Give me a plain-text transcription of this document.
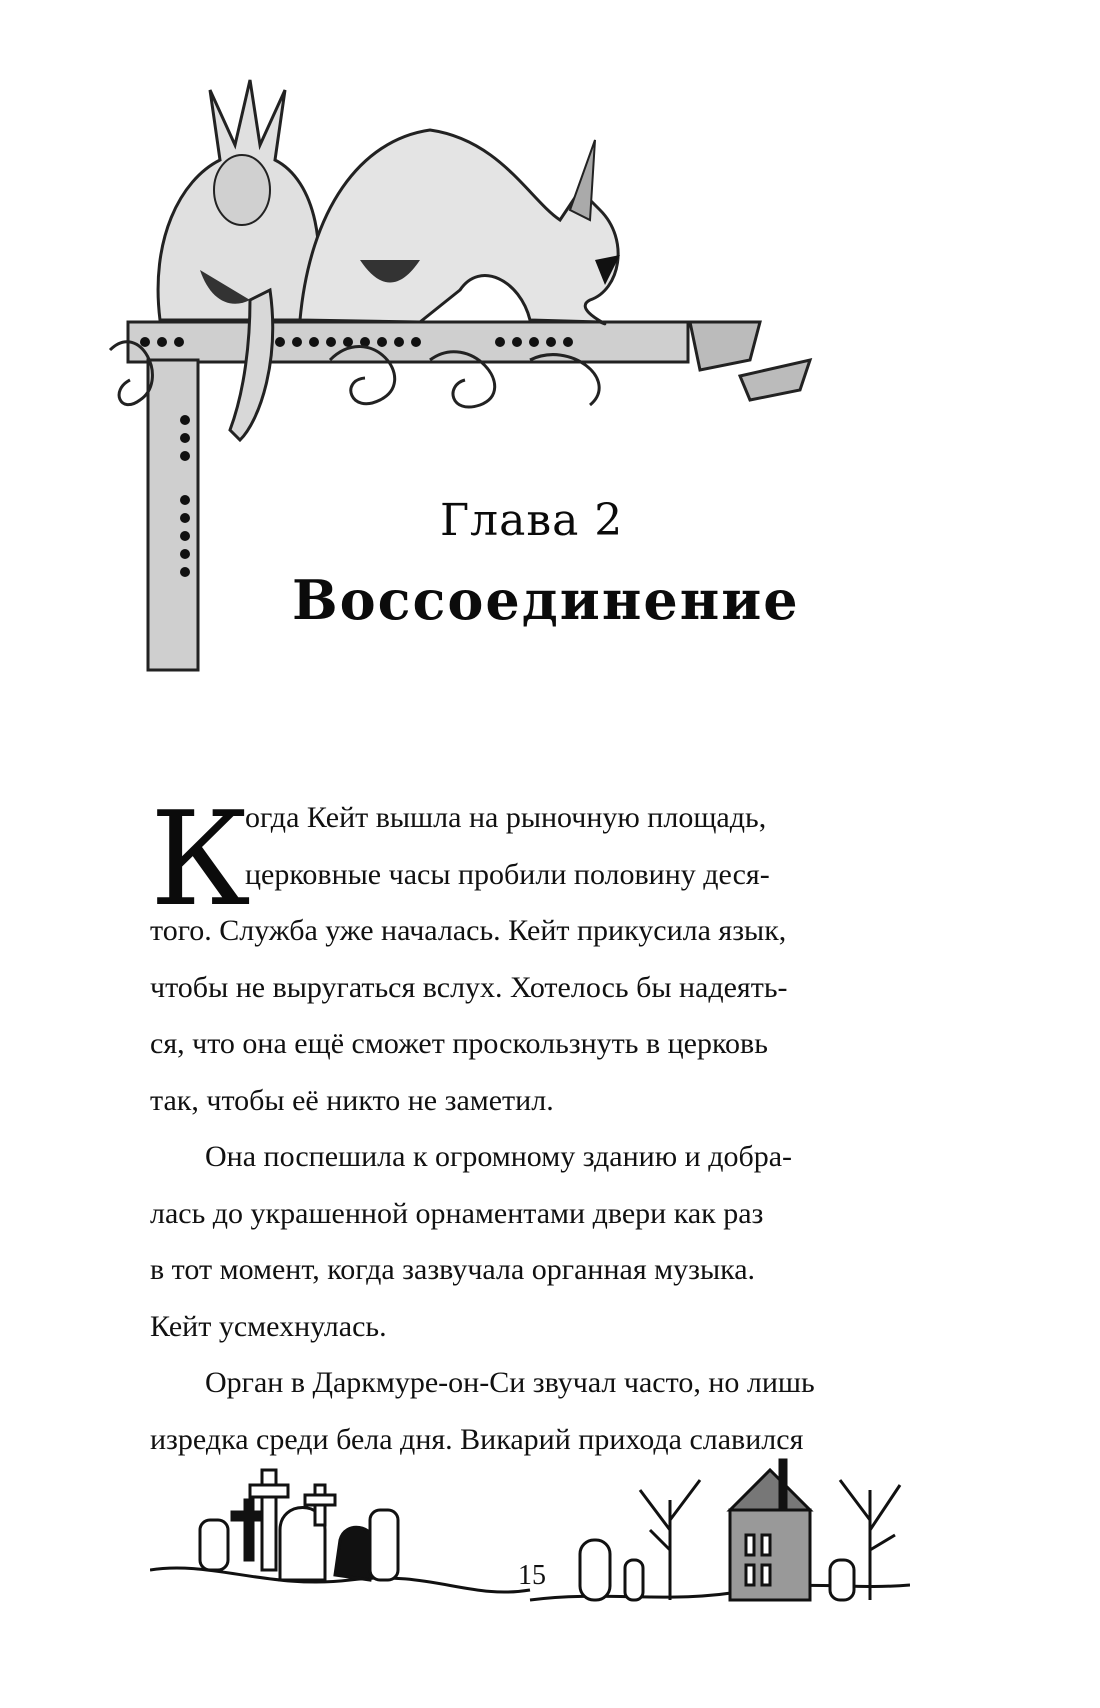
Глава 2
Воссоединение
К
огда Кейт вышла на рыночную площадь,
церковные часы пробили половину деся-
того. Служба уже началась. Кейт прикусила язык,
чтобы не выругаться вслух. Хотелось бы надеять-
ся, что она ещё сможет проскользнуть в церковь
так, чтобы её никто не заметил.
Она поспешила к огромному зданию и добра-
лась до украшенной орнаментами двери как раз
в тот момент, когда зазвучала органная музыка.
Кейт усмехнулась.
Орган в Даркмуре-он-Си звучал часто, но лишь
изредка среди бела дня. Викарий прихода славился
15
